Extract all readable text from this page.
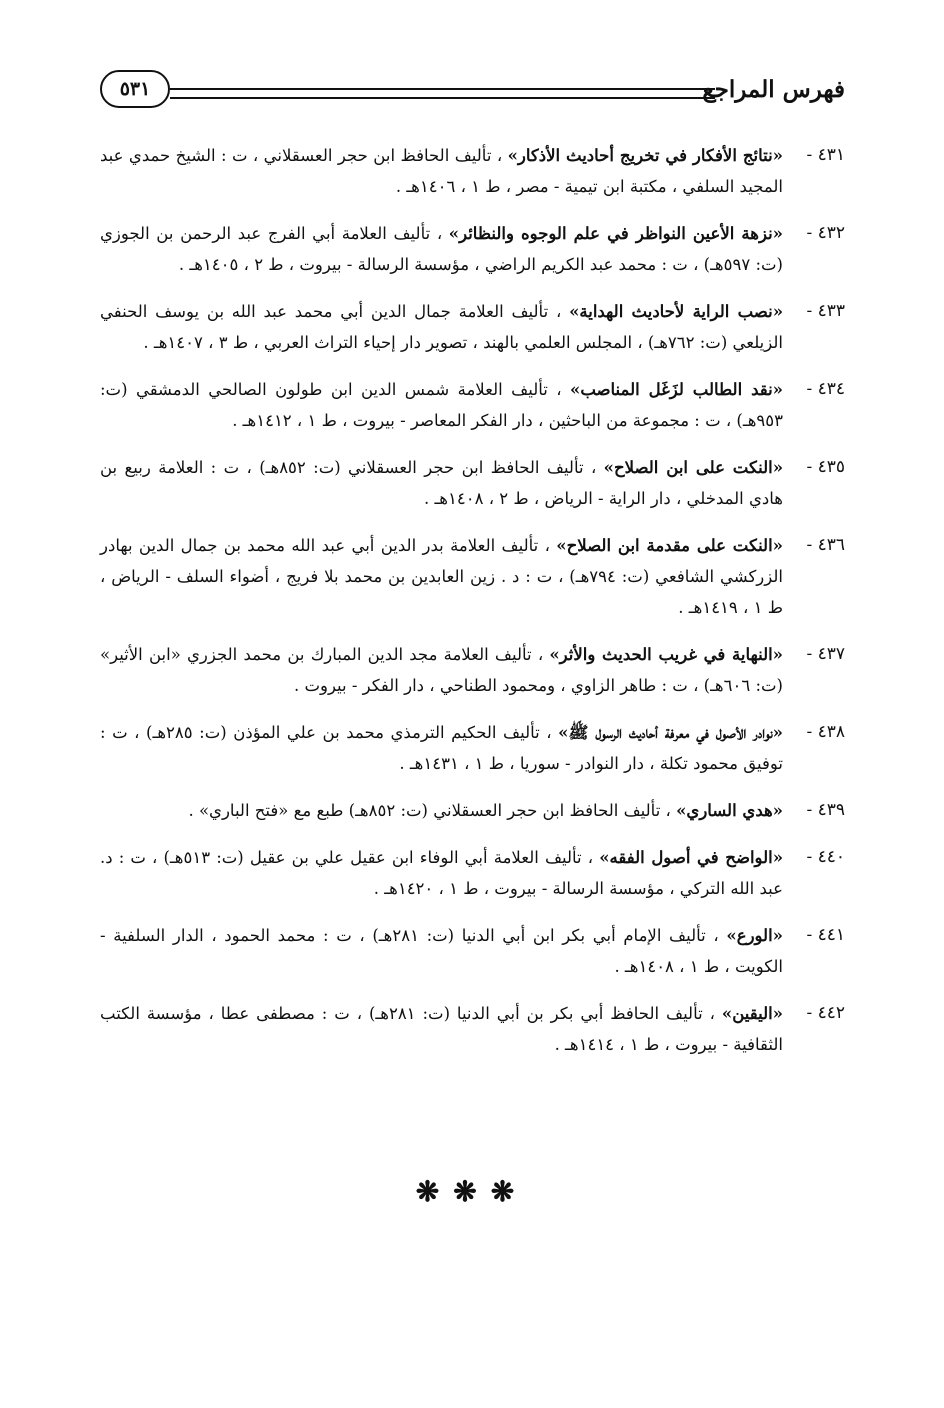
٥٣١	فهرس المراجع
٤٣١ -
«نتائج الأفكار في تخريج أحاديث الأذكار» ، تأليف الحافظ ابن حجر العسقلاني ، ت : الشيخ حمدي عبد المجيد السلفي ، مكتبة ابن تيمية - مصر ، ط ١ ، ١٤٠٦هـ .
٤٣٢ -
«نزهة الأعين النواظر في علم الوجوه والنظائر» ، تأليف العلامة أبي الفرج عبد الرحمن بن الجوزي (ت: ٥٩٧هـ) ، ت : محمد عبد الكريم الراضي ، مؤسسة الرسالة - بيروت ، ط ٢ ، ١٤٠٥هـ .
٤٣٣ -
«نصب الراية لأحاديث الهداية» ، تأليف العلامة جمال الدين أبي محمد عبد الله بن يوسف الحنفي الزيلعي (ت: ٧٦٢هـ) ، المجلس العلمي بالهند ، تصوير دار إحياء التراث العربي ، ط ٣ ، ١٤٠٧هـ .
٤٣٤ -
«نقد الطالب لزَغَل المناصب» ، تأليف العلامة شمس الدين ابن طولون الصالحي الدمشقي (ت: ٩٥٣هـ) ، ت : مجموعة من الباحثين ، دار الفكر المعاصر - بيروت ، ط ١ ، ١٤١٢هـ .
٤٣٥ -
«النكت على ابن الصلاح» ، تأليف الحافظ ابن حجر العسقلاني (ت: ٨٥٢هـ) ، ت : العلامة ربيع بن هادي المدخلي ، دار الراية - الرياض ، ط ٢ ، ١٤٠٨هـ .
٤٣٦ -
«النكت على مقدمة ابن الصلاح» ، تأليف العلامة بدر الدين أبي عبد الله محمد بن جمال الدين بهادر الزركشي الشافعي (ت: ٧٩٤هـ) ، ت : د . زين العابدين بن محمد بلا فريج ، أضواء السلف - الرياض ، ط ١ ، ١٤١٩هـ .
٤٣٧ -
«النهاية في غريب الحديث والأثر» ، تأليف العلامة مجد الدين المبارك بن محمد الجزري «ابن الأثير» (ت: ٦٠٦هـ) ، ت : طاهر الزاوي ، ومحمود الطناحي ، دار الفكر - بيروت .
٤٣٨ -
«نوادر الأصول في معرفة أحاديث الرسول ﷺ» ، تأليف الحكيم الترمذي محمد بن علي المؤذن (ت: ٢٨٥هـ) ، ت : توفيق محمود تكلة ، دار النوادر - سوريا ، ط ١ ، ١٤٣١هـ .
٤٣٩ -
«هدي الساري» ، تأليف الحافظ ابن حجر العسقلاني (ت: ٨٥٢هـ) طبع مع «فتح الباري» .
٤٤٠ -
«الواضح في أصول الفقه» ، تأليف العلامة أبي الوفاء ابن عقيل علي بن عقيل (ت: ٥١٣هـ) ، ت : د. عبد الله التركي ، مؤسسة الرسالة - بيروت ، ط ١ ، ١٤٢٠هـ .
٤٤١ -
«الورع» ، تأليف الإمام أبي بكر ابن أبي الدنيا (ت: ٢٨١هـ) ، ت : محمد الحمود ، الدار السلفية - الكويت ، ط ١ ، ١٤٠٨هـ .
٤٤٢ -
«اليقين» ، تأليف الحافظ أبي بكر بن أبي الدنيا (ت: ٢٨١هـ) ، ت : مصطفى عطا ، مؤسسة الكتب الثقافية - بيروت ، ط ١ ، ١٤١٤هـ .
❋❋❋
